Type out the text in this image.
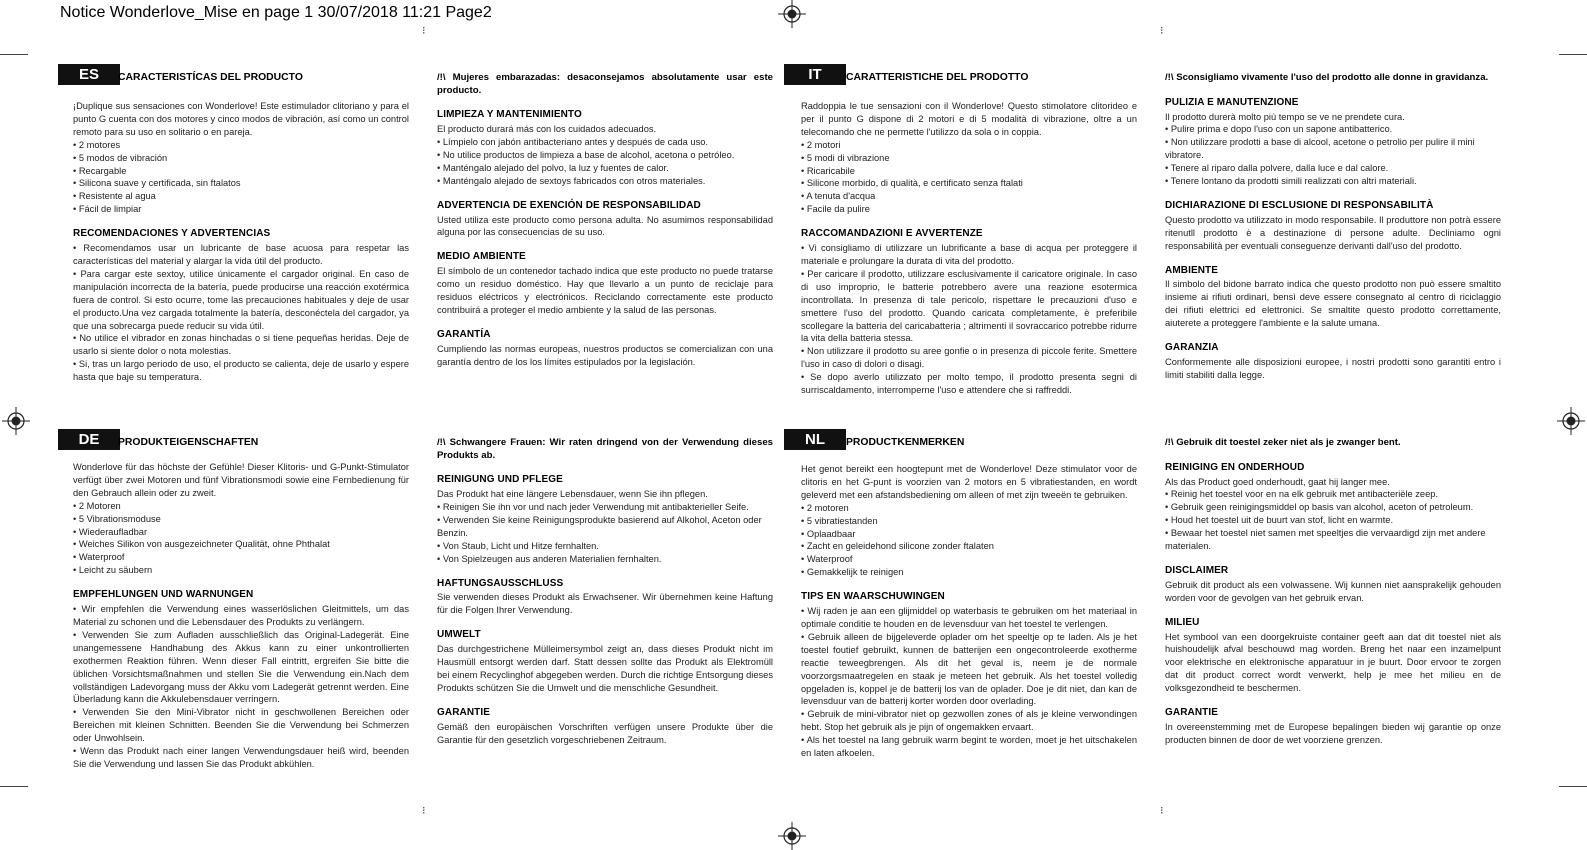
Notice Wonderlove_Mise en page 1 30/07/2018 11:21 Page2
⁝	⁝
⁝	⁝
ES	CARACTERISTÍCAS DEL PRODUCTO

¡Duplique sus sensaciones con Wonderlove! Este estimulador clitoriano y para el punto G cuenta con dos motores y cinco modos de vibración, así como un control remoto para su uso en solitario o en pareja.

• 2 motores
• 5 modos de vibración
• Recargable
• Silicona suave y certificada, sin ftalatos
• Resistente al agua
• Fácil de limpiar
RECOMENDACIONES Y ADVERTENCIAS

• Recomendamos usar un lubricante de base acuosa para respetar las características del material y alargar la vida útil del producto.

• Para cargar este sextoy, utilice únicamente el cargador original. En caso de manipulación incorrecta de la batería, puede producirse una reacción exotérmica fuera de control. Si esto ocurre, tome las precauciones habituales y deje de usar el producto.Una vez cargada totalmente la batería, desconéctela del cargador, ya que una sobrecarga puede reducir su vida útil.

• No utilice el vibrador en zonas hinchadas o si tiene pequeñas heridas. Deje de usarlo si siente dolor o nota molestias.

• Si, tras un largo periodo de uso, el producto se calienta, deje de usarlo y espere hasta que baje su temperatura.

/!\ Mujeres embarazadas: desaconsejamos absolutamente usar este producto.

LIMPIEZA Y MANTENIMIENTO

El producto durará más con los cuidados adecuados.

• Límpielo con jabón antibacteriano antes y después de cada uso.

• No utilice productos de limpieza a base de alcohol, acetona o petróleo.

• Manténgalo alejado del polvo, la luz y fuentes de calor.

• Manténgalo alejado de sextoys fabricados con otros materiales.

ADVERTENCIA DE EXENCIÓN DE RESPONSABILIDAD

Usted utiliza este producto como persona adulta. No asumimos responsabilidad alguna por las consecuencias de su uso.

MEDIO AMBIENTE

El símbolo de un contenedor tachado indica que este producto no puede tratarse como un residuo doméstico. Hay que llevarlo a un punto de reciclaje para residuos eléctricos y electrónicos. Reciclando correctamente este producto contribuirá a proteger el medio ambiente y la salud de las personas.

GARANTÍA

Cumpliendo las normas europeas, nuestros productos se comercializan con una garantía dentro de los los límites estipulados por la legislación.

IT	CARATTERISTICHE DEL PRODOTTO

Raddoppia le tue sensazioni con il Wonderlove! Questo stimolatore clitorideo e per il punto G dispone di 2 motori e di 5 modalità di vibrazione, oltre a un telecomando che ne permette l'utilizzo da sola o in coppia.

• 2 motori
• 5 modi di vibrazione
• Ricaricabile
• Silicone morbido, di qualità, e certificato senza ftalati
• A tenuta d'acqua
• Facile da pulire
RACCOMANDAZIONI E AVVERTENZE

• Vi consigliamo di utilizzare un lubrificante a base di acqua per proteggere il materiale e prolungare la durata di vita del prodotto.

• Per caricare il prodotto, utilizzare esclusivamente il caricatore originale. In caso di uso improprio, le batterie potrebbero avere una reazione esotermica incontrollata. In presenza di tale pericolo, rispettare le precauzioni d'uso e smettere l'uso del prodotto. Quando caricata completamente, è preferibile scollegare la batteria del caricabatteria ; altrimenti il sovraccarico potrebbe ridurre la vita della batteria stessa.

• Non utilizzare il prodotto su aree gonfie o in presenza di piccole ferite. Smettere l'uso in caso di dolori o disagi.

• Se dopo averlo utilizzato per molto tempo, il prodotto presenta segni di surriscaldamento, interromperne l'uso e attendere che si raffreddi.

/!\ Sconsigliamo vivamente l'uso del prodotto alle donne in gravidanza.

PULIZIA E MANUTENZIONE

Il prodotto durerà molto più tempo se ve ne prendete cura.

• Pulire prima e dopo l'uso con un sapone antibatterico.

• Non utilizzare prodotti a base di alcool, acetone o petrolio per pulire il mini vibratore.

• Tenere al riparo dalla polvere, dalla luce e dal calore.

• Tenere lontano da prodotti simili realizzati con altri materiali.

DICHIARAZIONE DI ESCLUSIONE DI RESPONSABILITÀ

Questo prodotto va utilizzato in modo responsabile. Il produttore non potrà essere ritenutll prodotto è a destinazione di persone adulte. Decliniamo ogni responsabilità per eventuali conseguenze derivanti dall'uso del prodotto.

AMBIENTE

Il simbolo del bidone barrato indica che questo prodotto non può essere smaltito insieme ai rifiuti ordinari, bensì deve essere consegnato al centro di riciclaggio dei rifiuti elettrici ed elettronici. Se smaltite questo prodotto correttamente, aiuterete a proteggere l'ambiente e la salute umana.

GARANZIA

Conformemente alle disposizioni europee, i nostri prodotti sono garantiti entro i limiti stabiliti dalla legge.

DE	PRODUKTEIGENSCHAFTEN

Wonderlove für das höchste der Gefühle! Dieser Klitoris- und G-Punkt-Stimulator verfügt über zwei Motoren und fünf Vibrationsmodi sowie eine Fernbedienung für den Gebrauch allein oder zu zweit.

• 2 Motoren
• 5 Vibrationsmoduse
• Wiederaufladbar
• Weiches Silikon von ausgezeichneter Qualität, ohne Phthalat
• Waterproof
• Leicht zu säubern
EMPFEHLUNGEN UND WARNUNGEN

• Wir empfehlen die Verwendung eines wasserlöslichen Gleitmittels, um das Material zu schonen und die Lebensdauer des Produkts zu verlängern.

• Verwenden Sie zum Aufladen ausschließlich das Original-Ladegerät. Eine unangemessene Handhabung des Akkus kann zu einer unkontrollierten exothermen Reaktion führen. Wenn dieser Fall eintritt, ergreifen Sie bitte die üblichen Vorsichtsmaßnahmen und stellen Sie die Verwendung ein.Nach dem vollständigen Ladevorgang muss der Akku vom Ladegerät getrennt werden. Eine Überladung kann die Akkulebensdauer verringern.

• Verwenden Sie den Mini-Vibrator nicht in geschwollenen Bereichen oder Bereichen mit kleinen Schnitten. Beenden Sie die Verwendung bei Schmerzen oder Unwohlsein.

• Wenn das Produkt nach einer langen Verwendungsdauer heiß wird, beenden Sie die Verwendung und lassen Sie das Produkt abkühlen.

/!\ Schwangere Frauen: Wir raten dringend von der Verwendung dieses Produkts ab.

REINIGUNG UND PFLEGE

Das Produkt hat eine längere Lebensdauer, wenn Sie ihn pflegen.

• Reinigen Sie ihn vor und nach jeder Verwendung mit antibakterieller Seife.

• Verwenden Sie keine Reinigungsprodukte basierend auf Alkohol, Aceton oder Benzin.

• Von Staub, Licht und Hitze fernhalten.

• Von Spielzeugen aus anderen Materialien fernhalten.

HAFTUNGSAUSSCHLUSS

Sie verwenden dieses Produkt als Erwachsener. Wir übernehmen keine Haftung für die Folgen Ihrer Verwendung.

UMWELT

Das durchgestrichene Mülleimersymbol zeigt an, dass dieses Produkt nicht im Hausmüll entsorgt werden darf. Statt dessen sollte das Produkt als Elektromüll bei einem Recyclinghof abgegeben werden. Durch die richtige Entsorgung dieses Produkts schützen Sie die Umwelt und die menschliche Gesundheit.

GARANTIE

Gemäß den europäischen Vorschriften verfügen unsere Produkte über die Garantie für den gesetzlich vorgeschriebenen Zeitraum.

NL	PRODUCTKENMERKEN

Het genot bereikt een hoogtepunt met de Wonderlove! Deze stimulator voor de clitoris en het G-punt is voorzien van 2 motors en 5 vibratiestanden, en wordt geleverd met een afstandsbediening om alleen of met zijn tweeën te gebruiken.

• 2 motoren
• 5 vibratiestanden
• Oplaadbaar
• Zacht en geleidehond silicone zonder ftalaten
• Waterproof
• Gemakkelijk te reinigen
TIPS EN WAARSCHUWINGEN

• Wij raden je aan een glijmiddel op waterbasis te gebruiken om het materiaal in optimale conditie te houden en de levensduur van het toestel te verlengen.

• Gebruik alleen de bijgeleverde oplader om het speeltje op te laden. Als je het toestel foutief gebruikt, kunnen de batterijen een ongecontroleerde exotherme reactie teweegbrengen. Als dit het geval is, neem je de normale voorzorgsmaatregelen en staak je meteen het gebruik. Als het toestel volledig opgeladen is, koppel je de batterij los van de oplader. Doe je dit niet, dan kan de levensduur van de batterij korter worden door overlading.

• Gebruik de mini-vibrator niet op gezwollen zones of als je kleine verwondingen hebt. Stop het gebruik als je pijn of ongemakken ervaart.

• Als het toestel na lang gebruik warm begint te worden, moet je het uitschakelen en laten afkoelen.

/!\ Gebruik dit toestel zeker niet als je zwanger bent.

REINIGING EN ONDERHOUD

Als das Product goed onderhoudt, gaat hij langer mee.

• Reinig het toestel voor en na elk gebruik met antibacteriële zeep.

• Gebruik geen reinigingsmiddel op basis van alcohol, aceton of petroleum.

• Houd het toestel uit de buurt van stof, licht en warmte.

• Bewaar het toestel niet samen met speeltjes die vervaardigd zijn met andere materialen.

DISCLAIMER

Gebruik dit product als een volwassene. Wij kunnen niet aansprakelijk gehouden worden voor de gevolgen van het gebruik ervan.

MILIEU

Het symbool van een doorgekruiste container geeft aan dat dit toestel niet als huishoudelijk afval beschouwd mag worden. Breng het naar een inzamelpunt voor elektrische en elektronische apparatuur in je buurt. Door ervoor te zorgen dat dit product correct wordt verwerkt, help je mee het milieu en de volksgezondheid te beschermen.

GARANTIE

In overeenstemming met de Europese bepalingen bieden wij garantie op onze producten binnen de door de wet voorziene grenzen.
